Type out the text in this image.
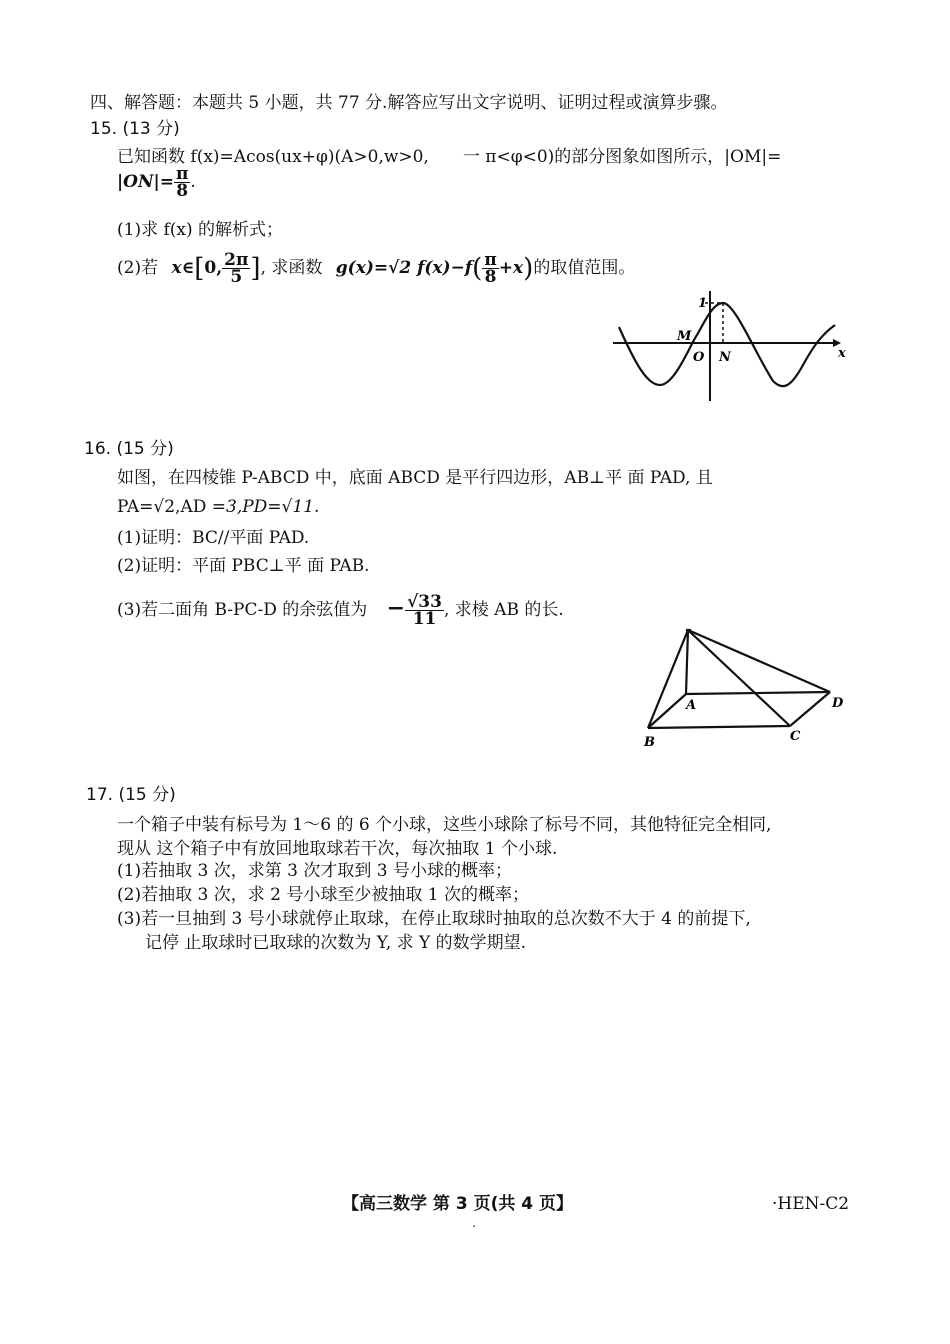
四、解答题：本题共 5 小题，共 77 分.解答应写出文字说明、证明过程或演算步骤。
15. (13 分)
已知函数 f(x)=Acos(ux+φ)(A>0,w>0,　　一 π<φ<0)的部分图象如图所示，|OM|=
$|ON|= \frac{\pi}{8}$ .
(1)求 f(x) 的解析式；
(2)若 x∈[0, $\frac{2\pi}{5}$ ], 求函数 g(x)=√2 $f(x)-f( \frac{\pi}{8} +x)$的取值范围。
1
M
O N	x
16. (15 分)
如图，在四棱锥 P-ABCD 中，底面 ABCD 是平行四边形，AB⊥平 面 PAD, 且
PA=√2,AD =3,PD=√11.
(1)证明：BC//平面 PAD.
(2)证明：平面 PBC⊥平 面 PAB.
(3)若二面角 B-PC-D 的余弦值为 − $\frac{√33}{11}$ , 求棱 AB 的长.
A
B	C
D
17. (15 分)
一个箱子中装有标号为 1～6 的 6 个小球，这些小球除了标号不同，其他特征完全相同,
现从 这个箱子中有放回地取球若干次，每次抽取 1 个小球.
(1)若抽取 3 次，求第 3 次才取到 3 号小球的概率；
(2)若抽取 3 次，求 2 号小球至少被抽取 1 次的概率；
(3)若一旦抽到 3 号小球就停止取球，在停止取球时抽取的总次数不大于 4 的前提下,
记停 止取球时已取球的次数为 Y, 求 Y 的数学期望.
【高三数学 第 3 页(共 4 页】	·HEN-C2
.
